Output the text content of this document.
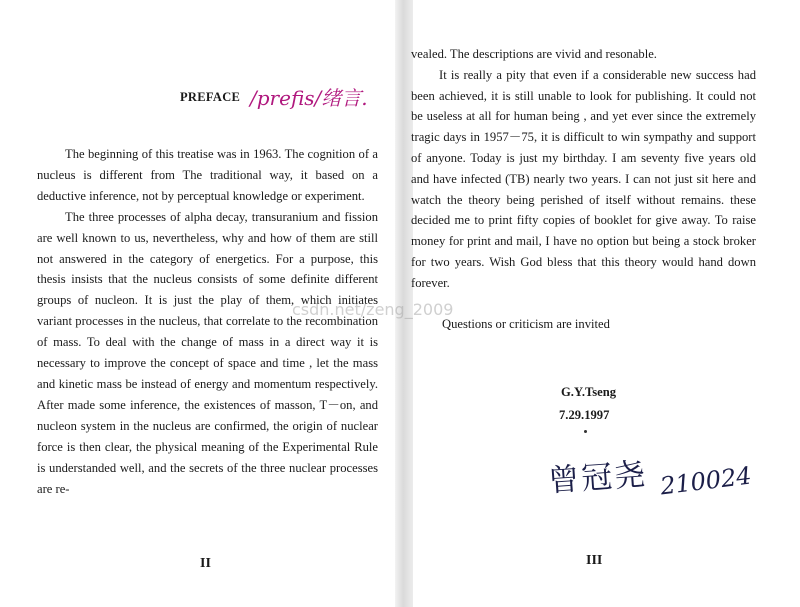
PREFACE /prefis/绪言.

The beginning of this treatise was in 1963. The cognition of a nucleus is different from The traditional way, it based on a deductive inference, not by perceptual knowledge or experiment.

The three processes of alpha decay, transuranium and fission are well known to us, nevertheless, why and how of them are still not answered in the category of energetics. For a purpose, this thesis insists that the nucleus consists of some definite different groups of nucleon. It is just the play of them, which initiates variant processes in the nucleus, that correlate to the recombination of mass. To deal with the change of mass in a direct way it is necessary to improve the concept of space and time , let the mass and kinetic mass be instead of energy and momentum respectively. After made some inference, the existences of masson, T－on, and nucleon system in the nucleus are confirmed, the origin of nuclear force is then clear, the physical meaning of the Experimental Rule is understanded well, and the secrets of the three nuclear processes are re-

II

vealed. The descriptions are vivid and resonable.

It is really a pity that even if a considerable new success had been achieved, it is still unable to look for publishing. It could not be useless at all for human being , and yet ever since the extremely tragic days in 1957－75, it is difficult to win sympathy and support of anyone. Today is just my birthday. I am seventy five years old and have infected (TB) nearly two years. I can not just sit here and watch the theory being perished of itself without remains. these decided me to print fifty copies of booklet for give away. To raise money for print and mail, I have no option but being a stock broker for two years. Wish God bless that this theory would hand down forever.

Questions or criticism are invited
G.Y.Tseng
7.29.1997
曾冠尧 210024
III
csdn.net/zeng_2009
